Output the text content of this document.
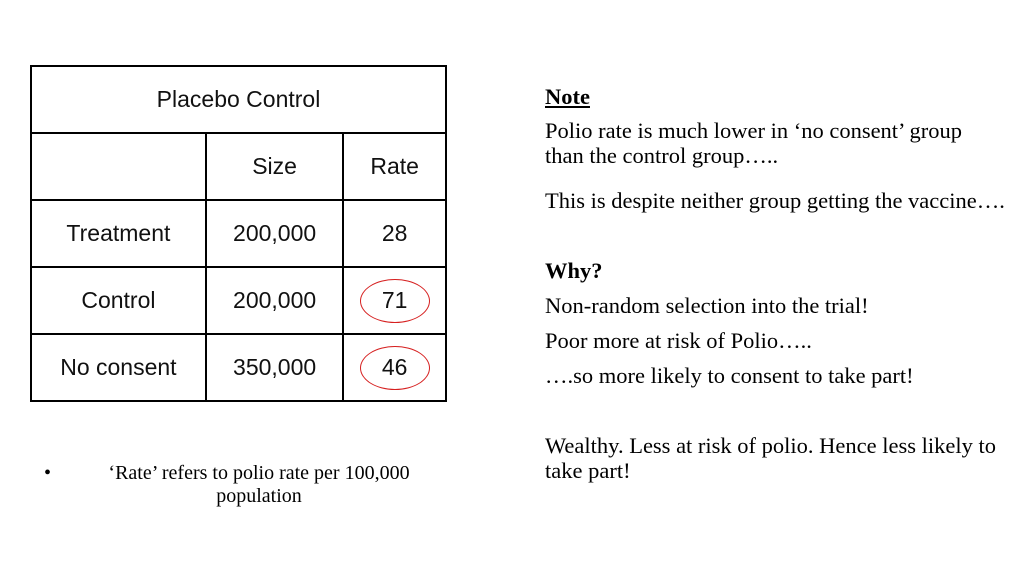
Placebo Control		
	Size	Rate
Treatment	200,000	28
Control	200,000	71
No consent	350,000	46
•	‘Rate’ refers to polio rate per 100,000 population

Note

Polio rate is much lower in ‘no consent’ group than the control group…..

This is despite neither group getting the vaccine….

Why?

Non-random selection into the trial!

Poor more at risk of Polio…..

….so more likely to consent to take part!

Wealthy. Less at risk of polio. Hence less likely to take part!
